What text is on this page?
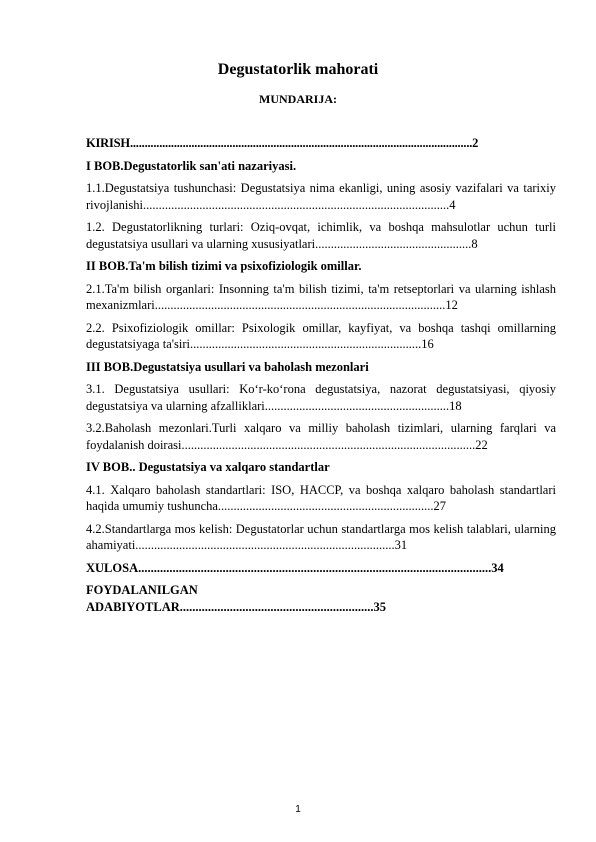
Degustatorlik mahorati
MUNDARIJA:

KIRISH.....................................................................................................................2

I BOB.Degustatorlik san'ati nazariyasi.

1.1.Degustatsiya tushunchasi: Degustatsiya nima ekanligi, uning asosiy vazifalari va tarixiy rivojlanishi..................................................................................................4

1.2. Degustatorlikning turlari: Oziq-ovqat, ichimlik, va boshqa mahsulotlar uchun turli degustatsiya usullari va ularning xususiyatlari..................................................8

II BOB.Ta'm bilish tizimi va psixofiziologik omillar.

2.1.Ta'm bilish organlari: Insonning ta'm bilish tizimi, ta'm retseptorlari va ularning ishlash mexanizmlari.............................................................................................12

2.2. Psixofiziologik omillar: Psixologik omillar, kayfiyat, va boshqa tashqi omillarning degustatsiyaga ta'siri..........................................................................16

III BOB.Degustatsiya usullari va baholash mezonlari

3.1. Degustatsiya usullari: Ko‘r-ko‘rona degustatsiya, nazorat degustatsiyasi, qiyosiy degustatsiya va ularning afzalliklari...........................................................18

3.2.Baholash mezonlari.Turli xalqaro va milliy baholash tizimlari, ularning farqlari va foydalanish doirasi..............................................................................................22

IV BOB.. Degustatsiya va xalqaro standartlar

4.1. Xalqaro baholash standartlari: ISO, HACCP, va boshqa xalqaro baholash standartlari haqida umumiy tushuncha.....................................................................27

4.2.Standartlarga mos kelish: Degustatorlar uchun standartlarga mos kelish talablari, ularning ahamiyati...................................................................................31

XULOSA.................................................................................................................34

FOYDALANILGAN
ADABIYOTLAR..............................................................35
1
